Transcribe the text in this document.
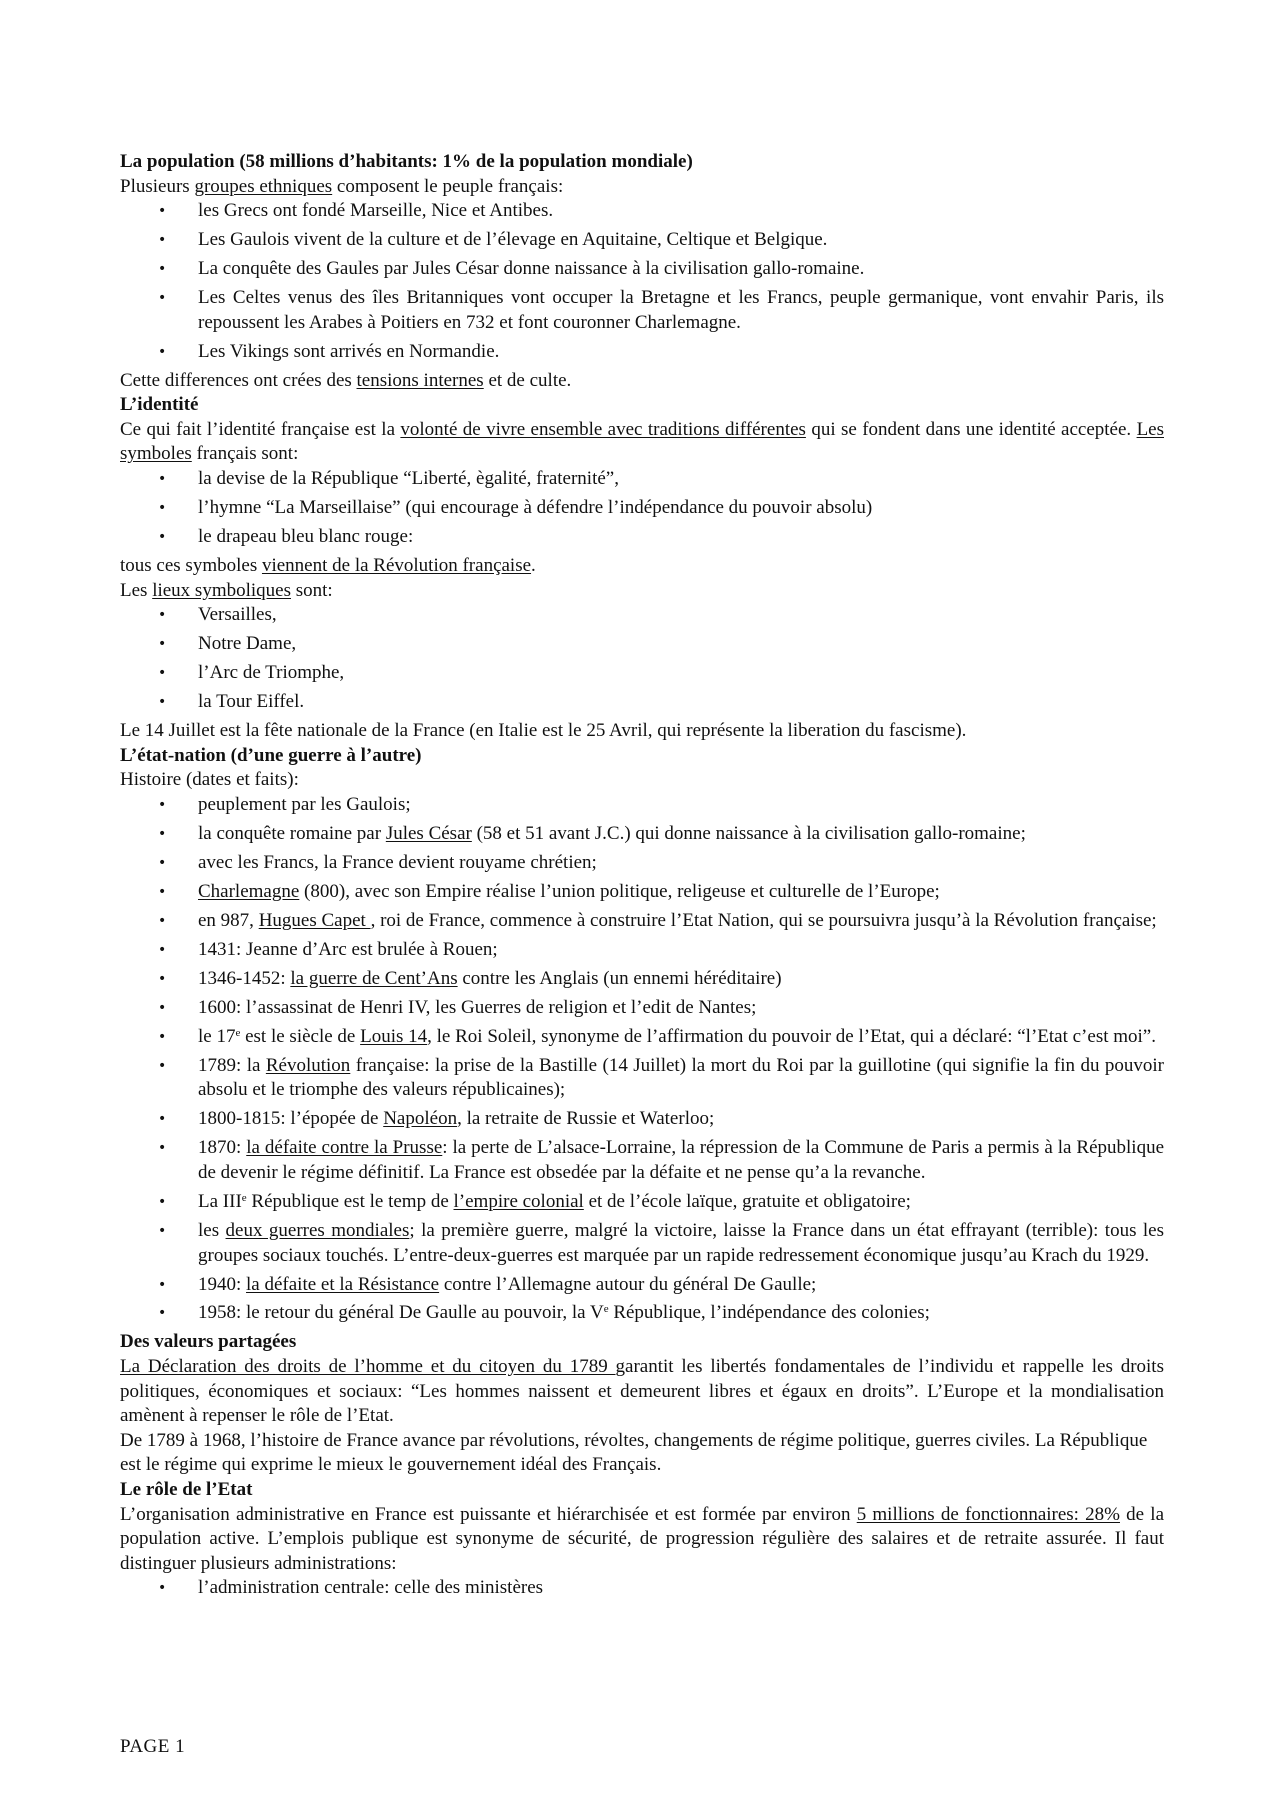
La population (58 millions d’habitants: 1% de la population mondiale)

Plusieurs groupes ethniques composent le peuple français:

• les Grecs ont fondé Marseille, Nice et Antibes.
• Les Gaulois vivent de la culture et de l’élevage en Aquitaine, Celtique et Belgique.
• La conquête des Gaules par Jules César donne naissance à la civilisation gallo-romaine.
• Les Celtes venus des îles Britanniques vont occuper la Bretagne et les Francs, peuple germanique, vont envahir Paris, ils repoussent les Arabes à Poitiers en 732 et font couronner Charlemagne.
• Les Vikings sont arrivés en Normandie.

Cette differences ont crées des tensions internes et de culte.

L’identité

Ce qui fait l’identité française est la volonté de vivre ensemble avec traditions différentes qui se fondent dans une identité acceptée. Les symboles français sont:

• la devise de la République “Liberté, ègalité, fraternité”,
• l’hymne “La Marseillaise” (qui encourage à défendre l’indépendance du pouvoir absolu)
• le drapeau bleu blanc rouge:

tous ces symboles viennent de la Révolution française.

Les lieux symboliques sont:

• Versailles,
• Notre Dame,
• l’Arc de Triomphe,
• la Tour Eiffel.

Le 14 Juillet est la fête nationale de la France (en Italie est le 25 Avril, qui représente la liberation du fascisme).

L’état-nation (d’une guerre à l’autre)

Histoire (dates et faits):

• peuplement par les Gaulois;
• la conquête romaine par Jules César (58 et 51 avant J.C.) qui donne naissance à la civilisation gallo-romaine;
• avec les Francs, la France devient rouyame chrétien;
• Charlemagne (800), avec son Empire réalise l’union politique, religeuse et culturelle de l’Europe;
• en 987, Hugues Capet , roi de France, commence à construire l’Etat Nation, qui se poursuivra jusqu’à la Révolution française;
• 1431: Jeanne d’Arc est brulée à Rouen;
• 1346-1452: la guerre de Cent’Ans contre les Anglais (un ennemi héréditaire)
• 1600: l’assassinat de Henri IV, les Guerres de religion et l’edit de Nantes;
• le 17e est le siècle de Louis 14, le Roi Soleil, synonyme de l’affirmation du pouvoir de l’Etat, qui a déclaré: “l’Etat c’est moi”.
• 1789: la Révolution française: la prise de la Bastille (14 Juillet) la mort du Roi par la guillotine (qui signifie la fin du pouvoir absolu et le triomphe des valeurs républicaines);
• 1800-1815: l’épopée de Napoléon, la retraite de Russie et Waterloo;
• 1870: la défaite contre la Prusse: la perte de L’alsace-Lorraine, la répression de la Commune de Paris a permis à la République de devenir le régime définitif. La France est obsedée par la défaite et ne pense qu’a la revanche.
• La IIIe République est le temp de l’empire colonial et de l’école laïque, gratuite et obligatoire;
• les deux guerres mondiales; la première guerre, malgré la victoire, laisse la France dans un état effrayant (terrible): tous les groupes sociaux touchés. L’entre-deux-guerres est marquée par un rapide redressement économique jusqu’au Krach du 1929.
• 1940: la défaite et la Résistance contre l’Allemagne autour du général De Gaulle;
• 1958: le retour du général De Gaulle au pouvoir, la Ve République, l’indépendance des colonies;

Des valeurs partagées

La Déclaration des droits de l’homme et du citoyen du 1789 garantit les libertés fondamentales de l’individu et rappelle les droits politiques, économiques et sociaux: “Les hommes naissent et demeurent libres et égaux en droits”. L’Europe et la mondialisation amènent à repenser le rôle de l’Etat.

De 1789 à 1968, l’histoire de France avance par révolutions, révoltes, changements de régime politique, guerres civiles. La République est le régime qui exprime le mieux le gouvernement idéal des Français.

Le rôle de l’Etat

L’organisation administrative en France est puissante et hiérarchisée et est formée par environ 5 millions de fonctionnaires: 28% de la population active. L’emplois publique est synonyme de sécurité, de progression régulière des salaires et de retraite assurée. Il faut distinguer plusieurs administrations:

• l’administration centrale: celle des ministères
PAGE 1
